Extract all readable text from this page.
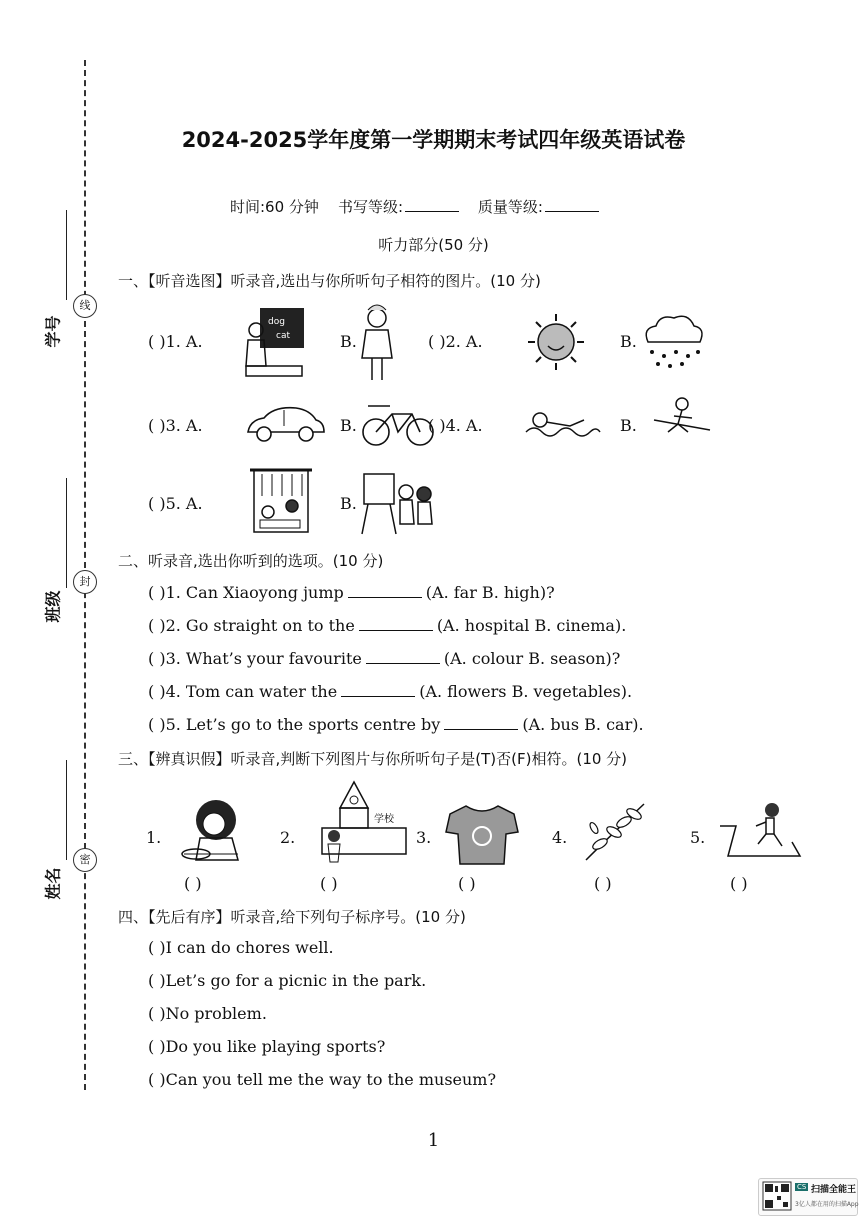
学号
班级
姓名
线
封
密
2024-2025学年度第一学期期末考试四年级英语试卷
时间:60 分钟 书写等级:	质量等级:
听力部分(50 分)
一、【听音选图】听录音,选出与你所听句子相符的图片。(10 分)
( )1. A.
dog
cat	B.	( )2. A.	B.
( )3. A.	B.	( )4. A.	B.
( )5. A.	B.
二、听录音,选出你听到的选项。(10 分)
( )1. Can Xiaoyong jump	(A. far B. high)?
( )2. Go straight on to the	(A. hospital B. cinema).
( )3. What’s your favourite	(A. colour B. season)?
( )4. Tom can water the	(A. flowers B. vegetables).
( )5. Let’s go to the sports centre by	(A. bus B. car).
三、【辨真识假】听录音,判断下列图片与你所听句子是(T)否(F)相符。(10 分)
1.	2.
学校
3.	4.	5.
( )	( )	( )	( )	( )
四、【先后有序】听录音,给下列句子标序号。(10 分)
( )I can do chores well.
( )Let’s go for a picnic in the park.
( )No problem.
( )Do you like playing sports?
( )Can you tell me the way to the museum?
1
CS 扫描全能王
3亿人都在用的扫描App
